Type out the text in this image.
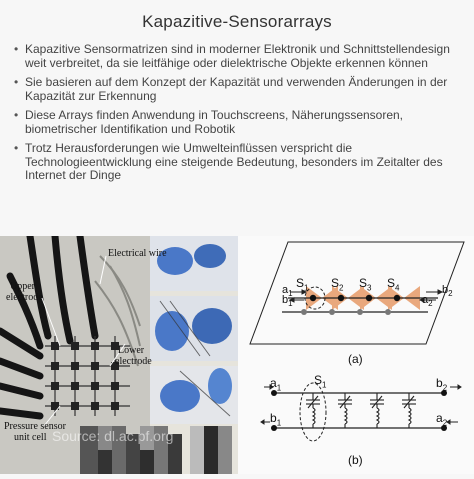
Kapazitive-Sensorarrays
• Kapazitive Sensormatrizen sind in moderner Elektronik und Schnittstellendesign weit verbreitet, da sie leitfähige oder dielektrische Objekte erkennen können
• Sie basieren auf dem Konzept der Kapazität und verwenden Änderungen in der Kapazität zur Erkennung
• Diese Arrays finden Anwendung in Touchscreens, Näherungssensoren, biometrischer Identifikation und Robotik
• Trotz Herausforderungen wie Umwelteinflüssen verspricht die Technologieentwicklung eine steigende Bedeutung, besonders im Zeitalter des Internet der Dinge
Electrical wire
Upper
electrode
Lower
electrode
Pressure sensor
unit cell Source: dl.ac.pf.org
$S_1$ $S_2$ $S_3$ $S_4$
$a_1$
$b_1$
$b_2$
$a_2$
(a)
$S_1$
$a_1$
$b_1$
$b_2$
$a_2$
(b)
